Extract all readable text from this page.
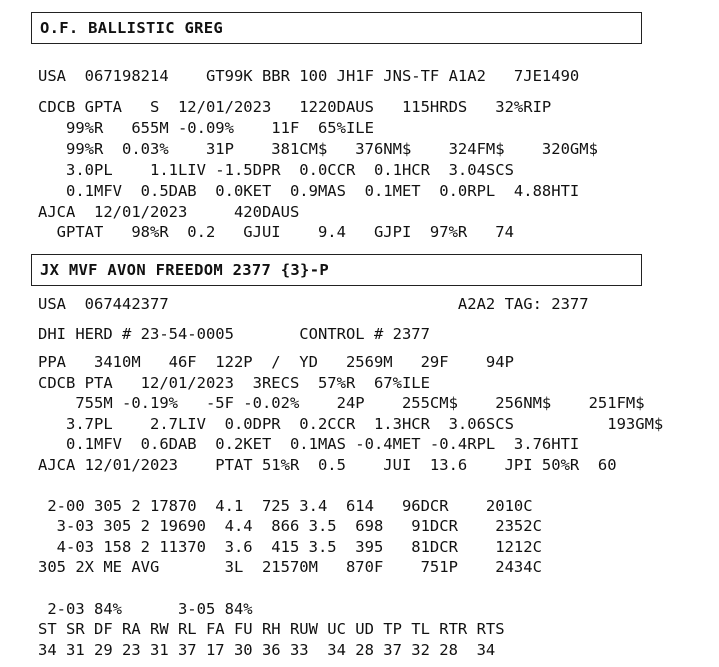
O.F. BALLISTIC GREG
USA  067198214    GT99K BBR 100 JH1F JNS-TF A1A2   7JE1490
CDCB GPTA   S  12/01/2023   1220DAUS   115HRDS   32%RIP
99%R   655M -0.09%    11F  65%ILE
99%R  0.03%    31P    381CM$   376NM$    324FM$    320GM$
3.0PL    1.1LIV -1.5DPR  0.0CCR  0.1HCR  3.04SCS
0.1MFV  0.5DAB  0.0KET  0.9MAS  0.1MET  0.0RPL  4.88HTI
AJCA  12/01/2023     420DAUS
GPTAT   98%R  0.2   GJUI    9.4   GJPI  97%R   74
JX MVF AVON FREEDOM 2377 {3}-P
USA  067442377                               A2A2 TAG: 2377
DHI HERD # 23-54-0005       CONTROL # 2377
PPA   3410M   46F  122P  /  YD   2569M   29F    94P
CDCB PTA   12/01/2023  3RECS  57%R  67%ILE
755M -0.19%   -5F -0.02%    24P    255CM$    256NM$    251FM$
3.7PL    2.7LIV  0.0DPR  0.2CCR  1.3HCR  3.06SCS          193GM$
0.1MFV  0.6DAB  0.2KET  0.1MAS -0.4MET -0.4RPL  3.76HTI
AJCA 12/01/2023    PTAT 51%R  0.5    JUI  13.6    JPI 50%R  60
2-00 305 2 17870  4.1  725 3.4  614   96DCR    2010C
3-03 305 2 19690  4.4  866 3.5  698   91DCR    2352C
4-03 158 2 11370  3.6  415 3.5  395   81DCR    1212C
305 2X ME AVG       3L  21570M   870F    751P    2434C
2-03 84%      3-05 84%
ST SR DF RA RW RL FA FU RH RUW UC UD TP TL RTR RTS
34 31 29 23 31 37 17 30 36 33  34 28 37 32 28  34
